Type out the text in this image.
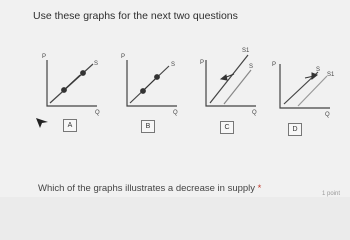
Use these graphs for the next two questions
P
Q
S
P
Q
S	P
Q
S1
S	P
Q
S
S1
A	B	C	D
Which of the graphs illustrates a decrease in supply *	1 point
